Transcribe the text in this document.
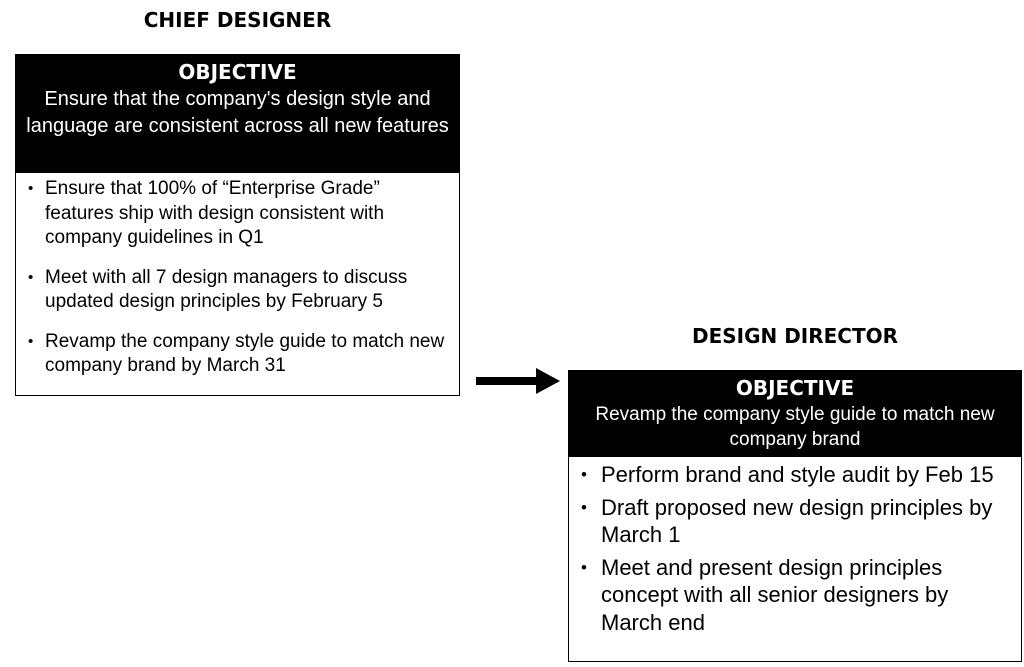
CHIEF DESIGNER
OBJECTIVE
Ensure that the company's design style and language are consistent across all new features
• Ensure that 100% of “Enterprise Grade” features ship with design consistent with company guidelines in Q1
• Meet with all 7 design managers to discuss updated design principles by February 5
• Revamp the company style guide to match new company brand by March 31
DESIGN DIRECTOR
OBJECTIVE
Revamp the company style guide to match new company brand
• Perform brand and style audit by Feb 15
• Draft proposed new design principles by March 1
• Meet and present design principles concept with all senior designers by March end
